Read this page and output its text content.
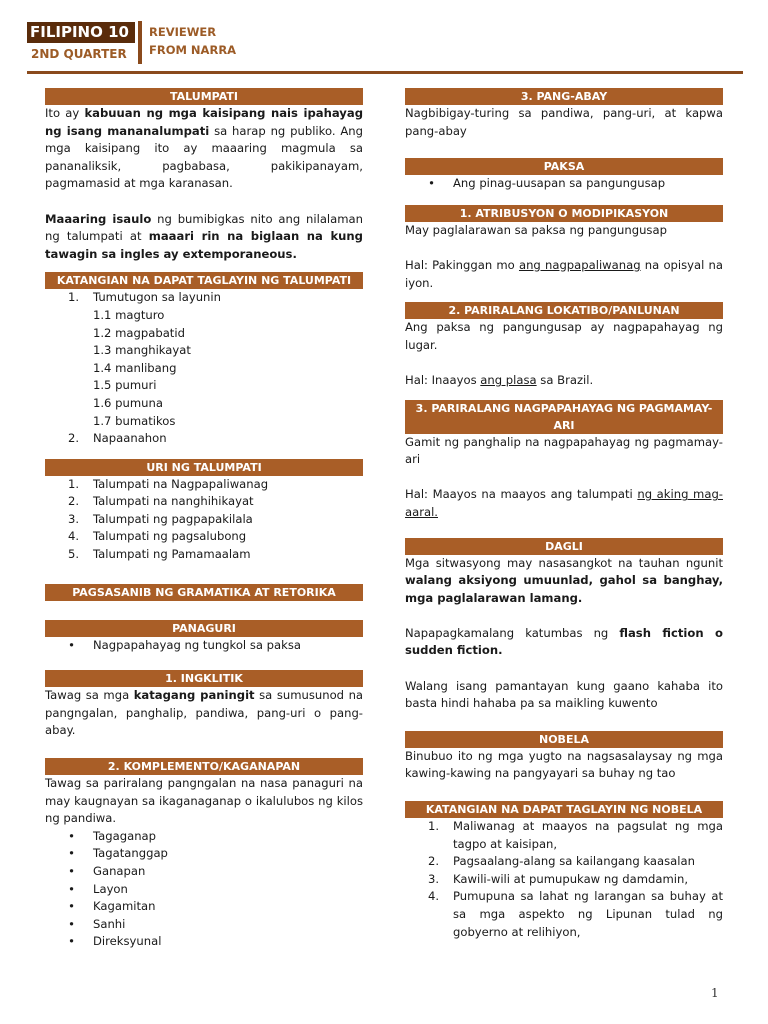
FILIPINO 10
2ND QUARTER
REVIEWER
FROM NARRA
TALUMPATI

Ito ay kabuuan ng mga kaisipang nais ipahayag ng isang mananalumpati sa harap ng publiko. Ang mga kaisipang ito ay maaaring magmula sa pananaliksik, pagbabasa, pakikipanayam, pagmamasid at mga karanasan.

Maaaring isaulo ng bumibigkas nito ang nilalaman ng talumpati at maaari rin na biglaan na kung tawagin sa ingles ay extemporaneous.

KATANGIAN NA DAPAT TAGLAYIN NG TALUMPATI
1. Tumutugon sa layunin
1.1 magturo
1.2 magpabatid
1.3 manghikayat
1.4 manlibang
1.5 pumuri
1.6 pumuna
1.7 bumatikos
2. Napaanahon
URI NG TALUMPATI
1. Talumpati na Nagpapaliwanag
2. Talumpati na nanghihikayat
3. Talumpati ng pagpapakilala
4. Talumpati ng pagsalubong
5. Talumpati ng Pamamaalam
PAGSASANIB NG GRAMATIKA AT RETORIKA
PANAGURI
• Nagpapahayag ng tungkol sa paksa
1. INGKLITIK

Tawag sa mga katagang paningit sa sumusunod na pangngalan, panghalip, pandiwa, pang-uri o pang-abay.

2. KOMPLEMENTO/KAGANAPAN

Tawag sa pariralang pangngalan na nasa panaguri na may kaugnayan sa ikaganaganap o ikalulubos ng kilos ng pandiwa.

• Tagaganap
• Tagatanggap
• Ganapan
• Layon
• Kagamitan
• Sanhi
• Direksyunal
3. PANG-ABAY

Nagbibigay-turing sa pandiwa, pang-uri, at kapwa pang-abay

PAKSA
• Ang pinag-uusapan sa pangungusap
1. ATRIBUSYON O MODIPIKASYON

May paglalarawan sa paksa ng pangungusap

Hal: Pakinggan mo ang nagpapaliwanag na opisyal na iyon.

2. PARIRALANG LOKATIBO/PANLUNAN

Ang paksa ng pangungusap ay nagpapahayag ng lugar.

Hal: Inaayos ang plasa sa Brazil.

3. PARIRALANG NAGPAPAHAYAG NG PAGMAMAY-
ARI

Gamit ng panghalip na nagpapahayag ng pagmamay-ari

Hal: Maayos na maayos ang talumpati ng aking mag-aaral.

DAGLI

Mga sitwasyong may nasasangkot na tauhan ngunit walang aksiyong umuunlad, gahol sa banghay, mga paglalarawan lamang.

Napapagkamalang katumbas ng flash fiction o sudden fiction.

Walang isang pamantayan kung gaano kahaba ito basta hindi hahaba pa sa maikling kuwento

NOBELA

Binubuo ito ng mga yugto na nagsasalaysay ng mga kawing-kawing na pangyayari sa buhay ng tao

KATANGIAN NA DAPAT TAGLAYIN NG NOBELA
1. Maliwanag at maayos na pagsulat ng mga tagpo at kaisipan,
2. Pagsaalang-alang sa kailangang kaasalan
3. Kawili-wili at pumupukaw ng damdamin,
4. Pumupuna sa lahat ng larangan sa buhay at sa mga aspekto ng Lipunan tulad ng gobyerno at relihiyon,
1
